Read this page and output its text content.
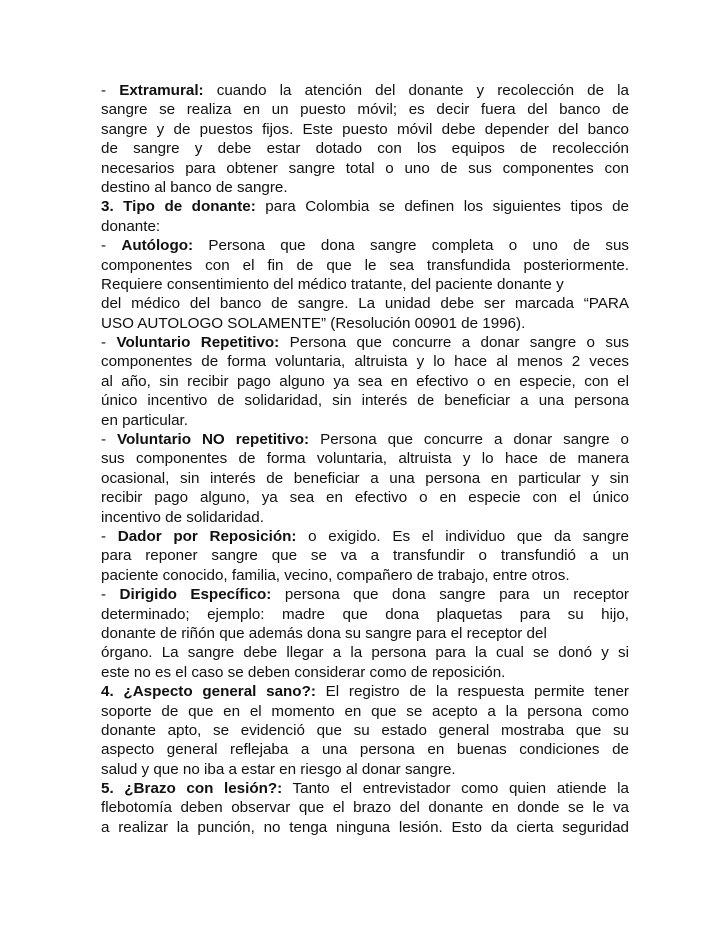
- Extramural: cuando la atención del donante y recolección de la
sangre se realiza en un puesto móvil; es decir fuera del banco de
sangre y de puestos fijos. Este puesto móvil debe depender del banco
de sangre y debe estar dotado con los equipos de recolección
necesarios para obtener sangre total o uno de sus componentes con
destino al banco de sangre.
3. Tipo de donante: para Colombia se definen los siguientes tipos de
donante:
- Autólogo: Persona que dona sangre completa o uno de sus
componentes con el fin de que le sea transfundida posteriormente.
Requiere consentimiento del médico tratante, del paciente donante y
del médico del banco de sangre. La unidad debe ser marcada “PARA
USO AUTOLOGO SOLAMENTE” (Resolución 00901 de 1996).
- Voluntario Repetitivo: Persona que concurre a donar sangre o sus
componentes de forma voluntaria, altruista y lo hace al menos 2 veces
al año, sin recibir pago alguno ya sea en efectivo o en especie, con el
único incentivo de solidaridad, sin interés de beneficiar a una persona
en particular.
- Voluntario NO repetitivo: Persona que concurre a donar sangre o
sus componentes de forma voluntaria, altruista y lo hace de manera
ocasional, sin interés de beneficiar a una persona en particular y sin
recibir pago alguno, ya sea en efectivo o en especie con el único
incentivo de solidaridad.
- Dador por Reposición: o exigido. Es el individuo que da sangre
para reponer sangre que se va a transfundir o transfundió a un
paciente conocido, familia, vecino, compañero de trabajo, entre otros.
- Dirigido Específico: persona que dona sangre para un receptor
determinado; ejemplo: madre que dona plaquetas para su hijo,
donante de riñón que además dona su sangre para el receptor del
órgano. La sangre debe llegar a la persona para la cual se donó y si
este no es el caso se deben considerar como de reposición.
4. ¿Aspecto general sano?: El registro de la respuesta permite tener
soporte de que en el momento en que se acepto a la persona como
donante apto, se evidenció que su estado general mostraba que su
aspecto general reflejaba a una persona en buenas condiciones de
salud y que no iba a estar en riesgo al donar sangre.
5. ¿Brazo con lesión?: Tanto el entrevistador como quien atiende la
flebotomía deben observar que el brazo del donante en donde se le va
a realizar la punción, no tenga ninguna lesión. Esto da cierta seguridad
